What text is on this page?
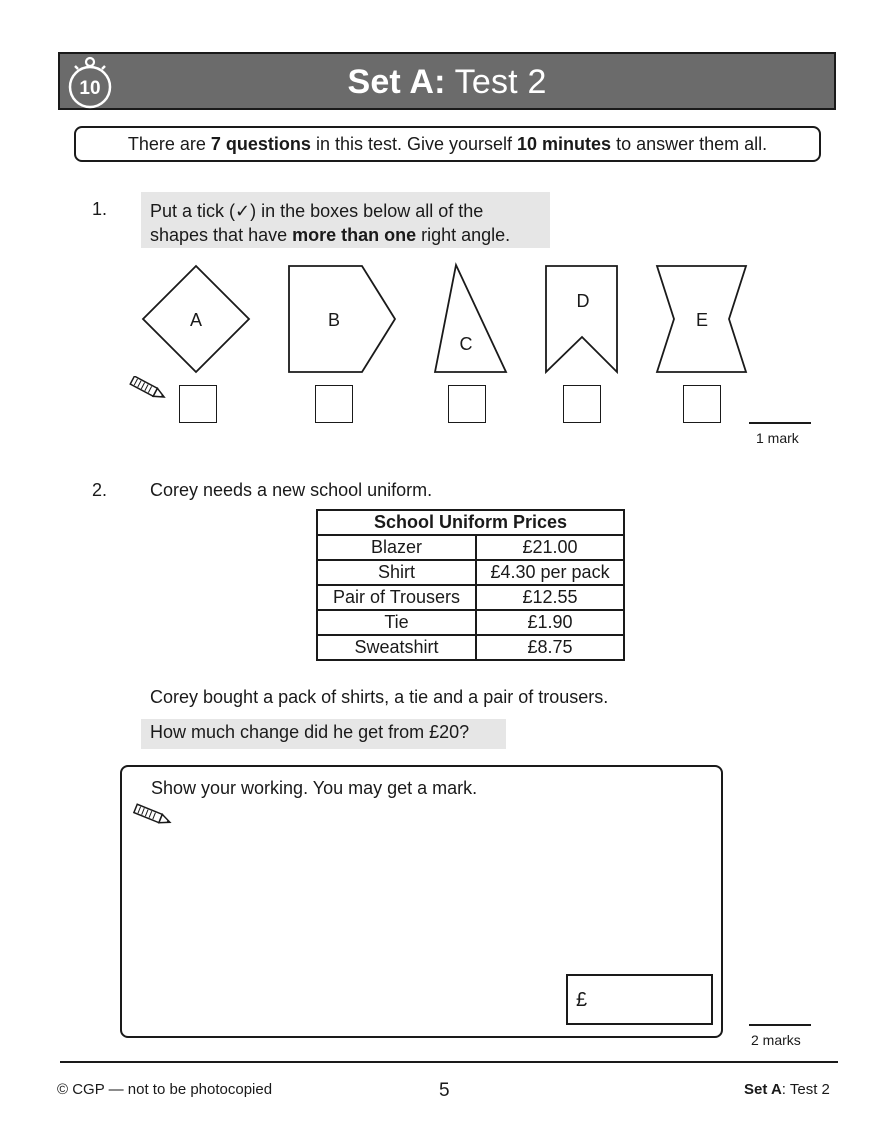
10	Set A: Test 2
There are 7 questions in this test. Give yourself 10 minutes to answer them all.
1. Put a tick (✓) in the boxes below all of the
shapes that have more than one right angle.
A	B
C
D
E
1 mark
2. Corey needs a new school uniform.
School Uniform Prices	
Blazer	£21.00
Shirt	£4.30 per pack
Pair of Trousers	£12.55
Tie	£1.90
Sweatshirt	£8.75
Corey bought a pack of shirts, a tie and a pair of trousers.
How much change did he get from £20?
Show your working. You may get a mark.
£
2 marks
© CGP — not to be photocopied	5	Set A: Test 2
